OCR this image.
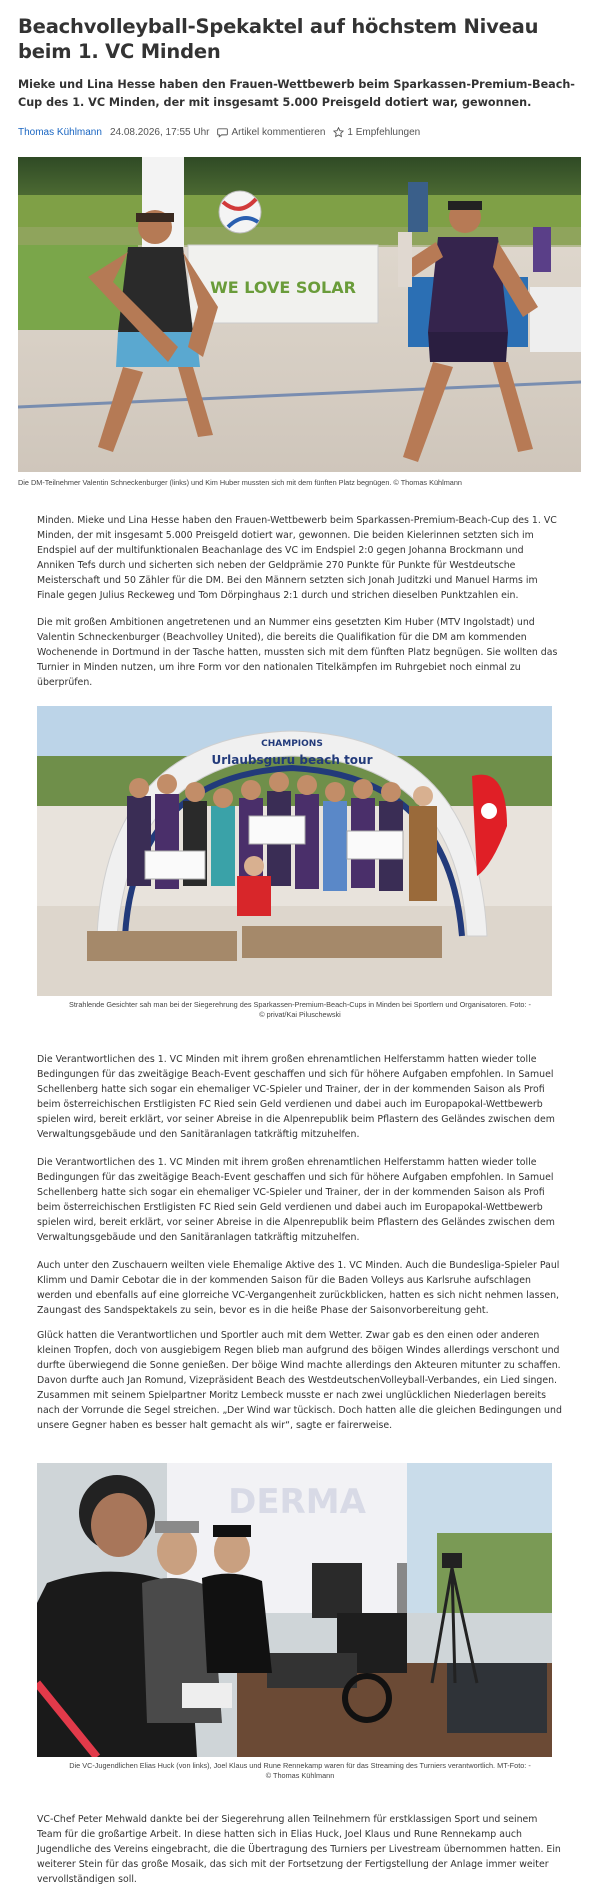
Beachvolleyball-Spekaktel auf höchstem Niveau beim 1. VC Minden

Mieke und Lina Hesse haben den Frauen-Wettbewerb beim Sparkassen-Premium-Beach-Cup des 1. VC Minden, der mit insgesamt 5.000 Preisgeld dotiert war, gewonnen.

Thomas Kühlmann 24.08.2026, 17:55 Uhr Artikel kommentieren 1 Empfehlungen
WE LOVE SOLAR

Die DM-Teilnehmer Valentin Schneckenburger (links) und Kim Huber mussten sich mit dem fünften Platz begnügen. © Thomas Kühlmann

Minden. Mieke und Lina Hesse haben den Frauen-Wettbewerb beim Sparkassen-Premium-Beach-Cup des 1. VC Minden, der mit insgesamt 5.000 Preisgeld dotiert war, gewonnen. Die beiden Kielerinnen setzten sich im Endspiel auf der multifunktionalen Beachanlage des VC im Endspiel 2:0 gegen Johanna Brockmann und Anniken Tefs durch und sicherten sich neben der Geldprämie 270 Punkte für Punkte für Westdeutsche Meisterschaft und 50 Zähler für die DM. Bei den Männern setzten sich Jonah Juditzki und Manuel Harms im Finale gegen Julius Reckeweg und Tom Dörpinghaus 2:1 durch und strichen dieselben Punktzahlen ein.

Die mit großen Ambitionen angetretenen und an Nummer eins gesetzten Kim Huber (MTV Ingolstadt) und Valentin Schneckenburger (Beachvolley United), die bereits die Qualifikation für die DM am kommenden Wochenende in Dortmund in der Tasche hatten, mussten sich mit dem fünften Platz begnügen. Sie wollten das Turnier in Minden nutzen, um ihre Form vor den nationalen Titelkämpfen im Ruhrgebiet noch einmal zu überprüfen.

CHAMPIONS
Urlaubsguru beach tour

Strahlende Gesichter sah man bei der Siegerehrung des Sparkassen-Premium-Beach-Cups in Minden bei Sportlern und Organisatoren. Foto: - © privat/Kai Piluschewski

Die Verantwortlichen des 1. VC Minden mit ihrem großen ehrenamtlichen Helferstamm hatten wieder tolle Bedingungen für das zweitägige Beach-Event geschaffen und sich für höhere Aufgaben empfohlen. In Samuel Schellenberg hatte sich sogar ein ehemaliger VC-Spieler und Trainer, der in der kommenden Saison als Profi beim österreichischen Erstligisten FC Ried sein Geld verdienen und dabei auch im Europapokal-Wettbewerb spielen wird, bereit erklärt, vor seiner Abreise in die Alpenrepublik beim Pflastern des Geländes zwischen dem Verwaltungsgebäude und den Sanitäranlagen tatkräftig mitzuhelfen.

Die Verantwortlichen des 1. VC Minden mit ihrem großen ehrenamtlichen Helferstamm hatten wieder tolle Bedingungen für das zweitägige Beach-Event geschaffen und sich für höhere Aufgaben empfohlen. In Samuel Schellenberg hatte sich sogar ein ehemaliger VC-Spieler und Trainer, der in der kommenden Saison als Profi beim österreichischen Erstligisten FC Ried sein Geld verdienen und dabei auch im Europapokal-Wettbewerb spielen wird, bereit erklärt, vor seiner Abreise in die Alpenrepublik beim Pflastern des Geländes zwischen dem Verwaltungsgebäude und den Sanitäranlagen tatkräftig mitzuhelfen.

Auch unter den Zuschauern weilten viele Ehemalige Aktive des 1. VC Minden. Auch die Bundesliga-Spieler Paul Klimm und Damir Cebotar die in der kommenden Saison für die Baden Volleys aus Karlsruhe aufschlagen werden und ebenfalls auf eine glorreiche VC-Vergangenheit zurückblicken, hatten es sich nicht nehmen lassen, Zaungast des Sandspektakels zu sein, bevor es in die heiße Phase der Saisonvorbereitung geht.

Glück hatten die Verantwortlichen und Sportler auch mit dem Wetter. Zwar gab es den einen oder anderen kleinen Tropfen, doch von ausgiebigem Regen blieb man aufgrund des böigen Windes allerdings verschont und durfte überwiegend die Sonne genießen. Der böige Wind machte allerdings den Akteuren mitunter zu schaffen. Davon durfte auch Jan Romund, Vizepräsident Beach des WestdeutschenVolleyball-Verbandes, ein Lied singen. Zusammen mit seinem Spielpartner Moritz Lembeck musste er nach zwei unglücklichen Niederlagen bereits nach der Vorrunde die Segel streichen. „Der Wind war tückisch. Doch hatten alle die gleichen Bedingungen und unsere Gegner haben es besser halt gemacht als wir“, sagte er fairerweise.

DERMA

Die VC-Jugendlichen Elias Huck (von links), Joel Klaus und Rune Rennekamp waren für das Streaming des Turniers verantwortlich. MT-Foto: - © Thomas Kühlmann

VC-Chef Peter Mehwald dankte bei der Siegerehrung allen Teilnehmern für erstklassigen Sport und seinem Team für die großartige Arbeit. In diese hatten sich in Elias Huck, Joel Klaus und Rune Rennekamp auch Jugendliche des Vereins eingebracht, die die Übertragung des Turniers per Livestream übernommen hatten. Ein weiterer Stein für das große Mosaik, das sich mit der Fortsetzung der Fertigstellung der Anlage immer weiter vervollständigen soll.
